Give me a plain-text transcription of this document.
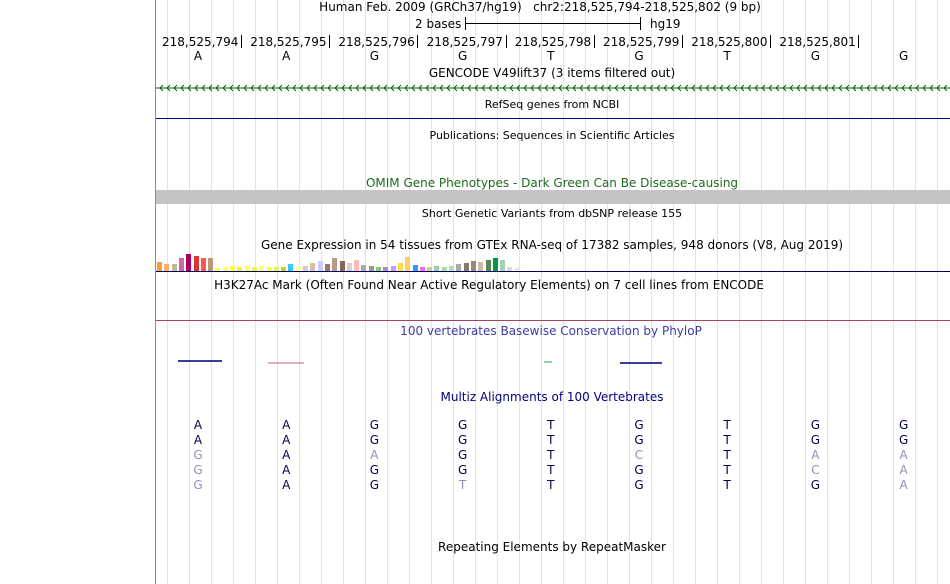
Human Feb. 2009 (GRCh37/hg19) chr2:218,525,794-218,525,802 (9 bp)
2 bases	hg19
218,525,794 218,525,795 218,525,796 218,525,797 218,525,798 218,525,799 218,525,800 218,525,801
A	A	G	G	T	G	T	G	G
GENCODE V49lift37 (3 items filtered out)
RefSeq genes from NCBI
Publications: Sequences in Scientific Articles
OMIM Gene Phenotypes - Dark Green Can Be Disease-causing
Short Genetic Variants from dbSNP release 155
Gene Expression in 54 tissues from GTEx RNA-seq of 17382 samples, 948 donors (V8, Aug 2019)
H3K27Ac Mark (Often Found Near Active Regulatory Elements) on 7 cell lines from ENCODE
100 vertebrates Basewise Conservation by PhyloP
Multiz Alignments of 100 Vertebrates
A	A	G	G	T	G	T	G	G
A	A	G	G	T	G	T	G	G
G	A	A	G	T	C	T	A	A
G	A	G	G	T	G	T	C	A
G	A	G	T	T	G	T	G	A
Repeating Elements by RepeatMasker
